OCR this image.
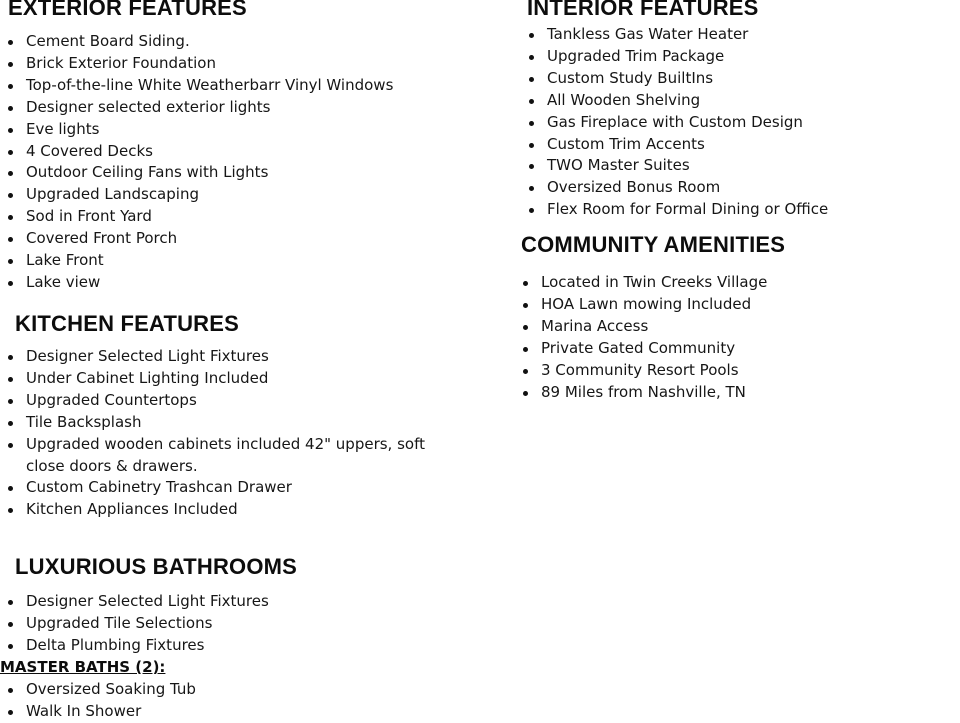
EXTERIOR FEATURES
Cement Board Siding.
Brick Exterior Foundation
Top-of-the-line White Weatherbarr Vinyl Windows
Designer selected exterior lights
Eve lights
4 Covered Decks
Outdoor Ceiling Fans with Lights
Upgraded Landscaping
Sod in Front Yard
Covered Front Porch
Lake Front
Lake view
INTERIOR FEATURES
Tankless Gas Water Heater
Upgraded Trim Package
Custom Study BuiltIns
All Wooden Shelving
Gas Fireplace with Custom Design
Custom Trim Accents
TWO Master Suites
Oversized Bonus Room
Flex Room for Formal Dining or Office
COMMUNITY AMENITIES
Located in Twin Creeks Village
HOA Lawn mowing Included
Marina Access
Private Gated Community
3 Community Resort Pools
89 Miles from Nashville, TN
KITCHEN FEATURES
Designer Selected Light Fixtures
Under Cabinet Lighting Included
Upgraded Countertops
Tile Backsplash
Upgraded wooden cabinets included 42" uppers, soft close doors & drawers.
Custom Cabinetry Trashcan Drawer
Kitchen Appliances Included
LUXURIOUS BATHROOMS
Designer Selected Light Fixtures
Upgraded Tile Selections
Delta Plumbing Fixtures
MASTER BATHS (2):
Oversized Soaking Tub
Walk In Shower
